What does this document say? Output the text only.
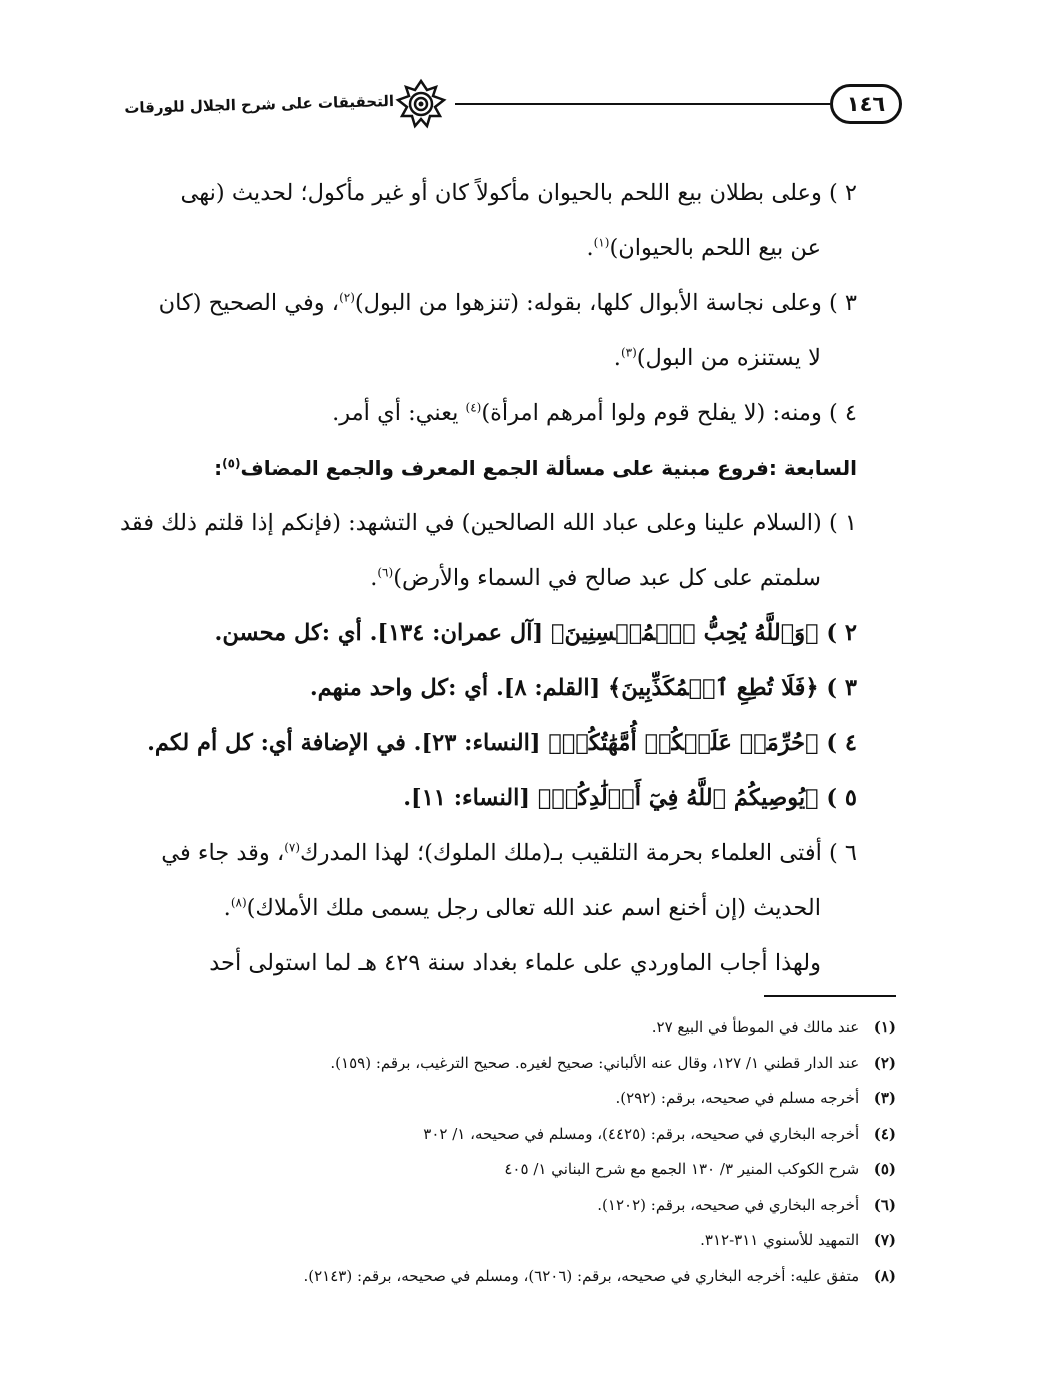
١٤٦
التحقيقات على شرح الجلال للورقات
٢ ) وعلى بطلان بيع اللحم بالحيوان مأكولاً كان أو غير مأكول؛ لحديث (نهى
عن بيع اللحم بالحيوان)$^{(١)}$.
٣ ) وعلى نجاسة الأبوال كلها، بقوله: (تنزهوا من البول)$^{(٢)}$، وفي الصحيح (كان
لا يستنزه من البول)$^{(٣)}$.
٤ ) ومنه: (لا يفلح قوم ولوا أمرهم امرأة)$^{(٤)}$ يعني: أي أمر.
السابعة :فروع مبنية على مسألة الجمع المعرف والجمع المضاف$^{(٥)}$:
١ ) (السلام علينا وعلى عباد الله الصالحين) في التشهد: (فإنكم إذا قلتم ذلك فقد
سلمتم على كل عبد صالح في السماء والأرض)$^{(٦)}$.
٢ ) ﴿وَٱللَّهُ يُحِبُّ ٱلۡمُحۡسِنِينَ﴾ [آل عمران: ١٣٤]. أي :كل محسن.
٣ ) ﴿فَلَا تُطِعِ ٱلۡمُكَذِّبِينَ﴾ [القلم: ٨]. أي :كل واحد منهم.
٤ ) ﴿حُرِّمَتۡ عَلَيۡكُمۡ أُمَّهَٰتُكُمۡ﴾ [النساء: ٢٣]. في الإضافة أي: كل أم لكم.
٥ ) ﴿يُوصِيكُمُ ٱللَّهُ فِيٓ أَوۡلَٰدِكُمۡ﴾ [النساء: ١١].
٦ ) أفتى العلماء بحرمة التلقيب بـ(ملك الملوك)؛ لهذا المدرك$^{(٧)}$، وقد جاء في
الحديث (إن أخنع اسم عند الله تعالى رجل يسمى ملك الأملاك)$^{(٨)}$.
ولهذا أجاب الماوردي على علماء بغداد سنة ٤٢٩ هـ لما استولى أحد
(١) عند مالك في الموطأ في البيع ٢٧.
(٢) عند الدار قطني ١/ ١٢٧، وقال عنه الألباني: صحيح لغيره. صحيح الترغيب، برقم: (١٥٩).
(٣) أخرجه مسلم في صحيحه، برقم: (٢٩٢).
(٤) أخرجه البخاري في صحيحه، برقم: (٤٤٢٥)، ومسلم في صحيحه، ١/ ٣٠٢
(٥) شرح الكوكب المنير ٣/ ١٣٠ الجمع مع شرح البناني ١/ ٤٠٥
(٦) أخرجه البخاري في صحيحه، برقم: (١٢٠٢).
(٧) التمهيد للأسنوي ٣١١-٣١٢.
(٨) متفق عليه: أخرجه البخاري في صحيحه، برقم: (٦٢٠٦)، ومسلم في صحيحه، برقم: (٢١٤٣).
